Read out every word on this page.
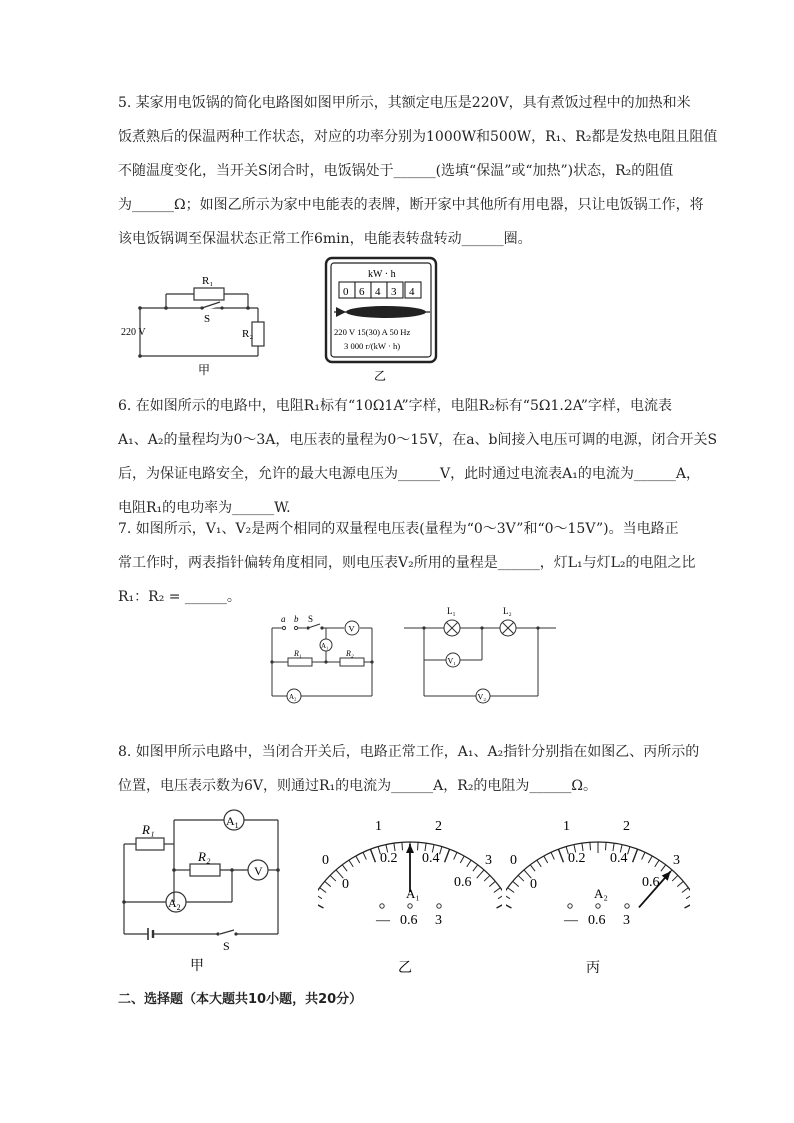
5. 某家用电饭锅的简化电路图如图甲所示，其额定电压是220V，具有煮饭过程中的加热和米
饭煮熟后的保温两种工作状态，对应的功率分别为1000W和500W，R₁、R₂都是发热电阻且阻值
不随温度变化，当开关S闭合时，电饭锅处于______(选填“保温”或“加热”)状态，R₂的阻值
为______Ω；如图乙所示为家中电能表的表牌，断开家中其他所有用电器，只让电饭锅工作，将
该电饭锅调至保温状态正常工作6min，电能表转盘转动______圈。
R₁
S
220 V	R₂
甲
kW · h
0 6 4 3 4
220 V 15(30) A 50 Hz
3 000 r/(kW · h)
乙
6. 在如图所示的电路中，电阻R₁标有“10Ω1A”字样，电阻R₂标有“5Ω1.2A”字样，电流表
A₁、A₂的量程均为0～3A，电压表的量程为0～15V，在a、b间接入电压可调的电源，闭合开关S
后，为保证电路安全，允许的最大电源电压为______V，此时通过电流表A₁的电流为______A，
电阻R₁的电功率为______W.
7. 如图所示，V₁、V₂是两个相同的双量程电压表(量程为“0～3V”和“0～15V”)。当电路正
常工作时，两表指针偏转角度相同，则电压表V₂所用的量程是______，灯L₁与灯L₂的电阻之比
R₁：R₂ = ______。
a b S
V
A₁
A₂
R₁	R₂
L₁	L₂
V₁
V₂
8. 如图甲所示电路中，当闭合开关后，电路正常工作，A₁、A₂指针分别指在如图乙、丙所示的
位置，电压表示数为6V，则通过R₁的电流为______A，R₂的电阻为______Ω。
R₁
R₂
$A_1$
V
$A_2$
S
甲
0
1	2
3
0
0.2 0.4
0.6
A₁
— 0.6 3
乙
0
1	2
3
0
0.2 0.4
0.6
A₂
— 0.6 3
丙
二、选择题（本大题共10小题，共20分）
